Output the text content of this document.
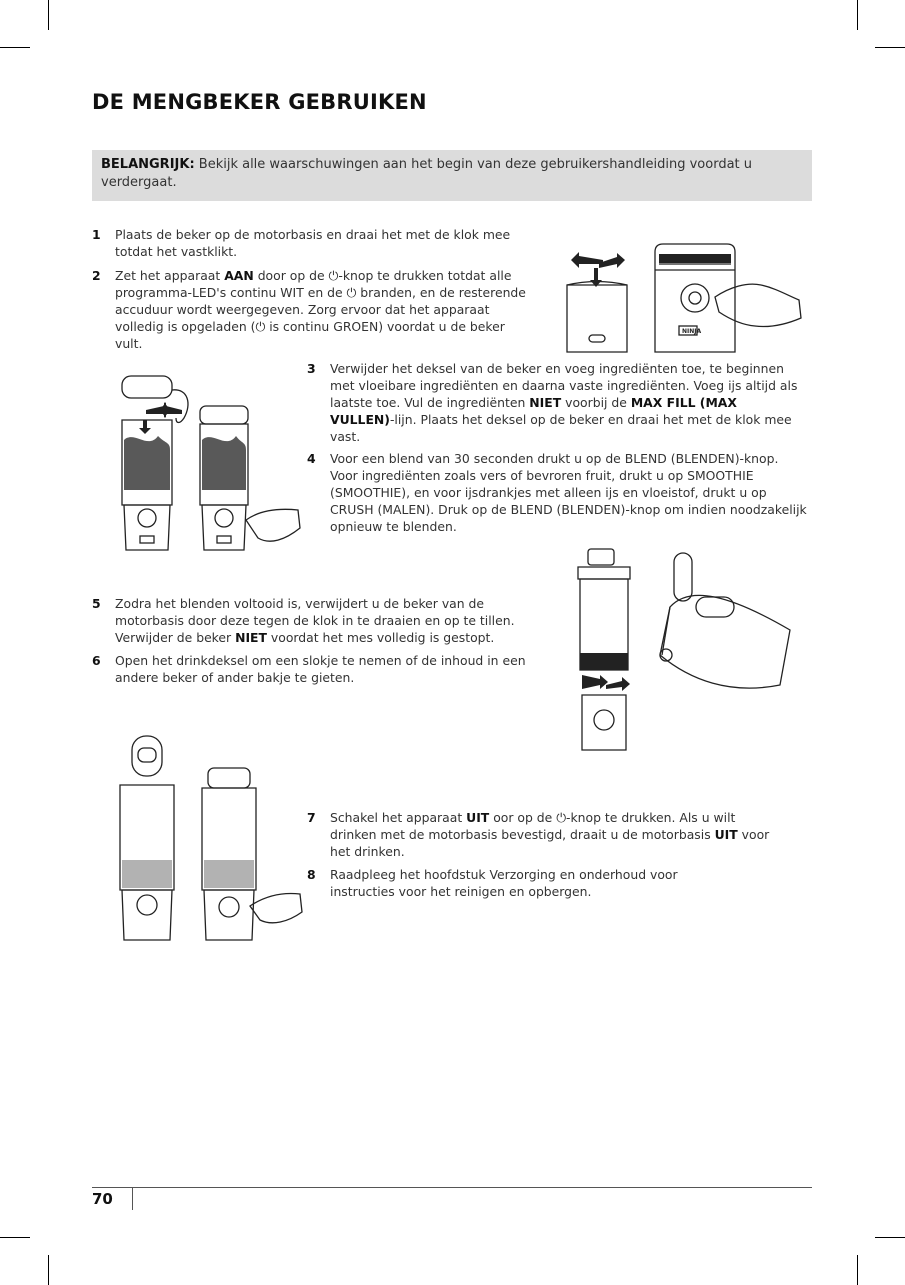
DE MENGBEKER GEBRUIKEN
BELANGRIJK: Bekijk alle waarschuwingen aan het begin van deze gebruikershandleiding voordat u verdergaat.
1 Plaats de beker op de motorbasis en draai het met de klok mee totdat het vastklikt.
2 Zet het apparaat AAN door op de ⏻-knop te drukken totdat alle programma-LED's continu WIT en de ⏻ branden, en de resterende accuduur wordt weergegeven. Zorg ervoor dat het apparaat volledig is opgeladen (⏻ is continu GROEN) voordat u de beker vult.
3 Verwijder het deksel van de beker en voeg ingrediënten toe, te beginnen met vloeibare ingrediënten en daarna vaste ingrediënten. Voeg ijs altijd als laatste toe. Vul de ingrediënten NIET voorbij de MAX FILL (MAX VULLEN)-lijn. Plaats het deksel op de beker en draai het met de klok mee vast.
4 Voor een blend van 30 seconden drukt u op de BLEND (BLENDEN)-knop. Voor ingrediënten zoals vers of bevroren fruit, drukt u op SMOOTHIE (SMOOTHIE), en voor ijsdrankjes met alleen ijs en vloeistof, drukt u op CRUSH (MALEN). Druk op de BLEND (BLENDEN)-knop om indien noodzakelijk opnieuw te blenden.
5 Zodra het blenden voltooid is, verwijdert u de beker van de motorbasis door deze tegen de klok in te draaien en op te tillen. Verwijder de beker NIET voordat het mes volledig is gestopt.
6 Open het drinkdeksel om een slokje te nemen of de inhoud in een andere beker of ander bakje te gieten.
7 Schakel het apparaat UIT oor op de ⏻-knop te drukken. Als u wilt drinken met de motorbasis bevestigd, draait u de motorbasis UIT voor het drinken.
8 Raadpleeg het hoofdstuk Verzorging en onderhoud voor instructies voor het reinigen en opbergen.
NINJA
70
